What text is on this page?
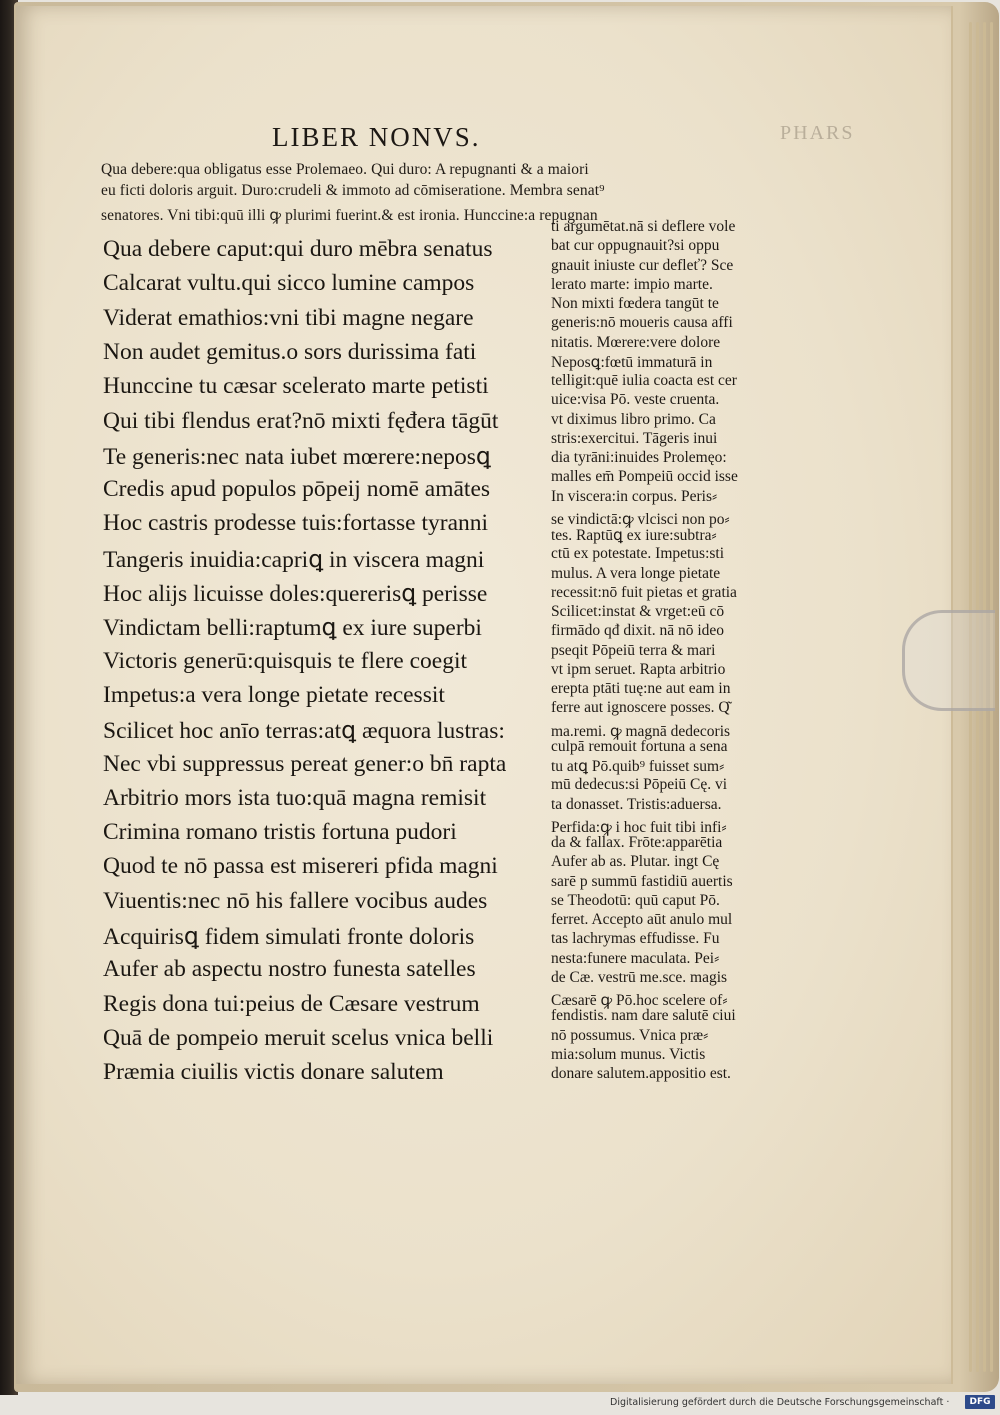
LIBER NONVS.	PHARS
Qua debere:qua obligatus esse Prolemaeo. Qui duro: A repugnanti & a maiori
eu ficti doloris arguit. Duro:crudeli & immoto ad cōmiseratione. Membra senat⁹
senatores. Vni tibi:quū illi ꝙ plurimi fuerint.& est ironia. Hunccine:a repugnan
Qua debere caput:qui duro mēbra senatus
Calcarat vultu.qui sicco lumine campos
Viderat emathios:vni tibi magne negare
Non audet gemitus.o sors durissima fati
Hunccine tu cæsar scelerato marte petisti
Qui tibi flendus erat?nō mixti fęđera tāgūt
Te generis:nec nata iubet mœrere:neposꝗ
Credis apud populos pōpeij nomē amātes
Hoc castris prodesse tuis:fortasse tyranni
Tangeris inuidia:capriꝗ in viscera magni
Hoc alijs licuisse doles:quererisꝗ perisse
Vindictam belli:raptumꝗ ex iure superbi
Victoris generū:quisquis te flere coegit
Impetus:a vera longe pietate recessit
Scilicet hoc anīo terras:atꝗ æquora lustras:
Nec vbi suppressus pereat gener:o bn̄ rapta
Arbitrio mors ista tuo:quā magna remisit
Crimina romano tristis fortuna pudori
Quod te nō passa est misereri pfida magni
Viuentis:nec nō his fallere vocibus audes
Acquirisꝗ fidem simulati fronte doloris
Aufer ab aspectu nostro funesta satelles
Regis dona tui:peius de Cæsare vestrum
Quā de pompeio meruit scelus vnica belli
Præmia ciuilis victis donare salutem
ti argumētat.nā si deflere vole
bat cur oppugnauit?si oppu
gnauit iniuste cur defleť? Sce
lerato marte: impio marte.
Non mixti fœdera tangūt te
generis:nō moueris causa affi
nitatis. Mœrere:vere dolore
Neposꝗ:fœtū immaturā in
telligit:quē iulia coacta est cer
uice:visa Pō. veste cruenta.
vt diximus libro primo. Ca
stris:exercitui. Tāgeris inui
dia tyrāni:inuides Prolemęo:
malles em̄ Pompeiū occid isse
In viscera:in corpus. Peris⸗
se vindictā:ꝙ vlcisci non po⸗
tes. Raptūꝗ ex iure:subtra⸗
ctū ex potestate. Impetus:sti
mulus. A vera longe pietate
recessit:nō fuit pietas et gratia
Scilicet:instat & vrget:eū cō
firmādo qđ dixit. nā nō ideo
pseqit Pōpeiū terra & mari
vt ipm seruet. Rapta arbitrio
erepta ptāti tuę:ne aut eam in
ferre aut ignoscere posses. Q͂
ma.remi. ꝙ magnā dedecoris
culpā remouit fortuna a sena
tu atꝗ Pō.quib⁹ fuisset sum⸗
mū dedecus:si Pōpeiū Cę. vi
ta donasset. Tristis:aduersa.
Perfida:ꝙ i hoc fuit tibi infi⸗
da & fallax. Frōte:apparētia
Aufer ab as. Plutar. ingt Cę
sarē p summū fastidiū auertis
se Theodotū: quū caput Pō.
ferret. Accepto aūt anulo mul
tas lachrymas effudisse. Fu
nesta:funere maculata. Pei⸗
de Cæ. vestrū me.sce. magis
Cæsarē ꝙ Pō.hoc scelere of⸗
fendistis. nam dare salutē ciui
nō possumus. Vnica præ⸗
mia:solum munus. Victis
donare salutem.appositio est.
Digitalisierung gefördert durch die Deutsche Forschungsgemeinschaft ·	DFG
